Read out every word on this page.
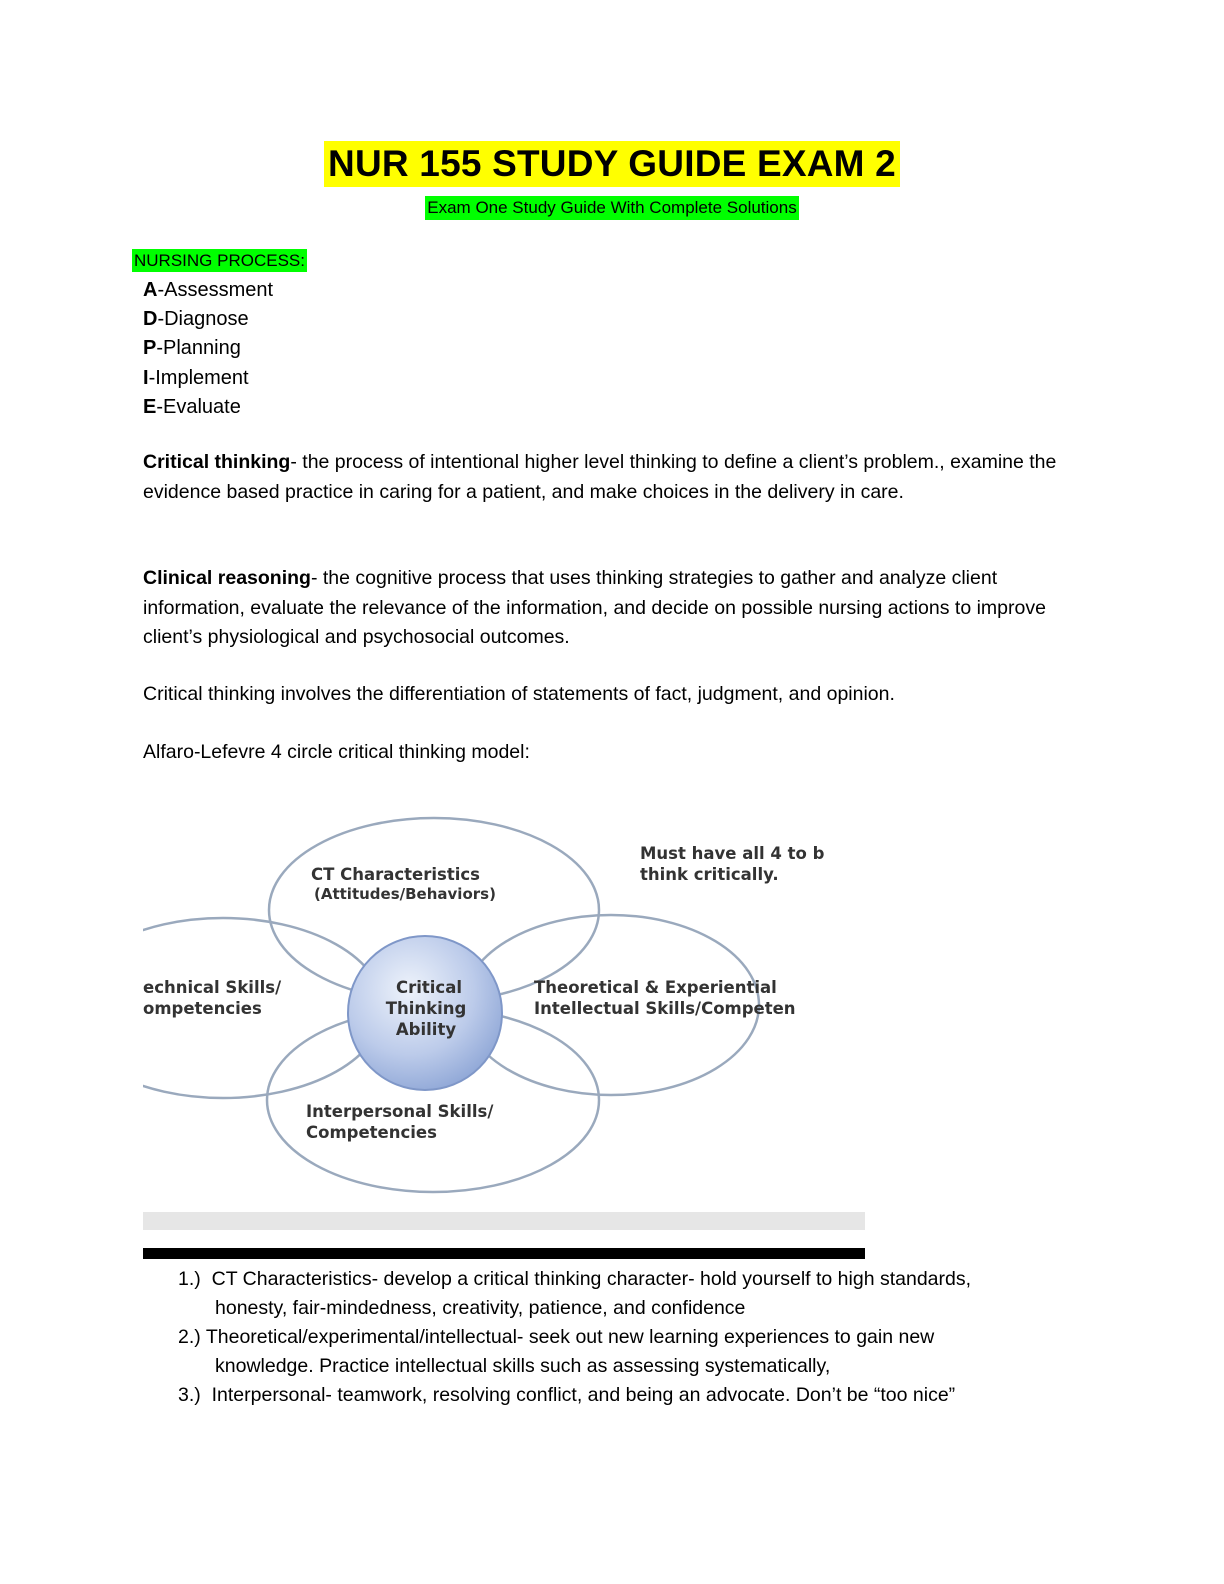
NUR 155 STUDY GUIDE EXAM 2
Exam One Study Guide With Complete Solutions
NURSING PROCESS:
A-Assessment
D-Diagnose
P-Planning
I-Implement
E-Evaluate
Critical thinking- the process of intentional higher level thinking to define a client’s problem., examine the evidence based practice in caring for a patient, and make choices in the delivery in care.
Clinical reasoning- the cognitive process that uses thinking strategies to gather and analyze client information, evaluate the relevance of the information, and decide on possible nursing actions to improve client’s physiological and psychosocial outcomes.
Critical thinking involves the differentiation of statements of fact, judgment, and opinion.
Alfaro-Lefevre 4 circle critical thinking model:
CT Characteristics
(Attitudes/Behaviors)
echnical Skills/
ompetencies
Theoretical & Experiential
Intellectual Skills/Competen
Interpersonal Skills/
Competencies
Critical
Thinking
Ability
Must have all 4 to b
think critically.
1.) CT Characteristics- develop a critical thinking character- hold yourself to high standards,
honesty, fair-mindedness, creativity, patience, and confidence
2.) Theoretical/experimental/intellectual- seek out new learning experiences to gain new
knowledge. Practice intellectual skills such as assessing systematically,
3.) Interpersonal- teamwork, resolving conflict, and being an advocate. Don’t be “too nice”
